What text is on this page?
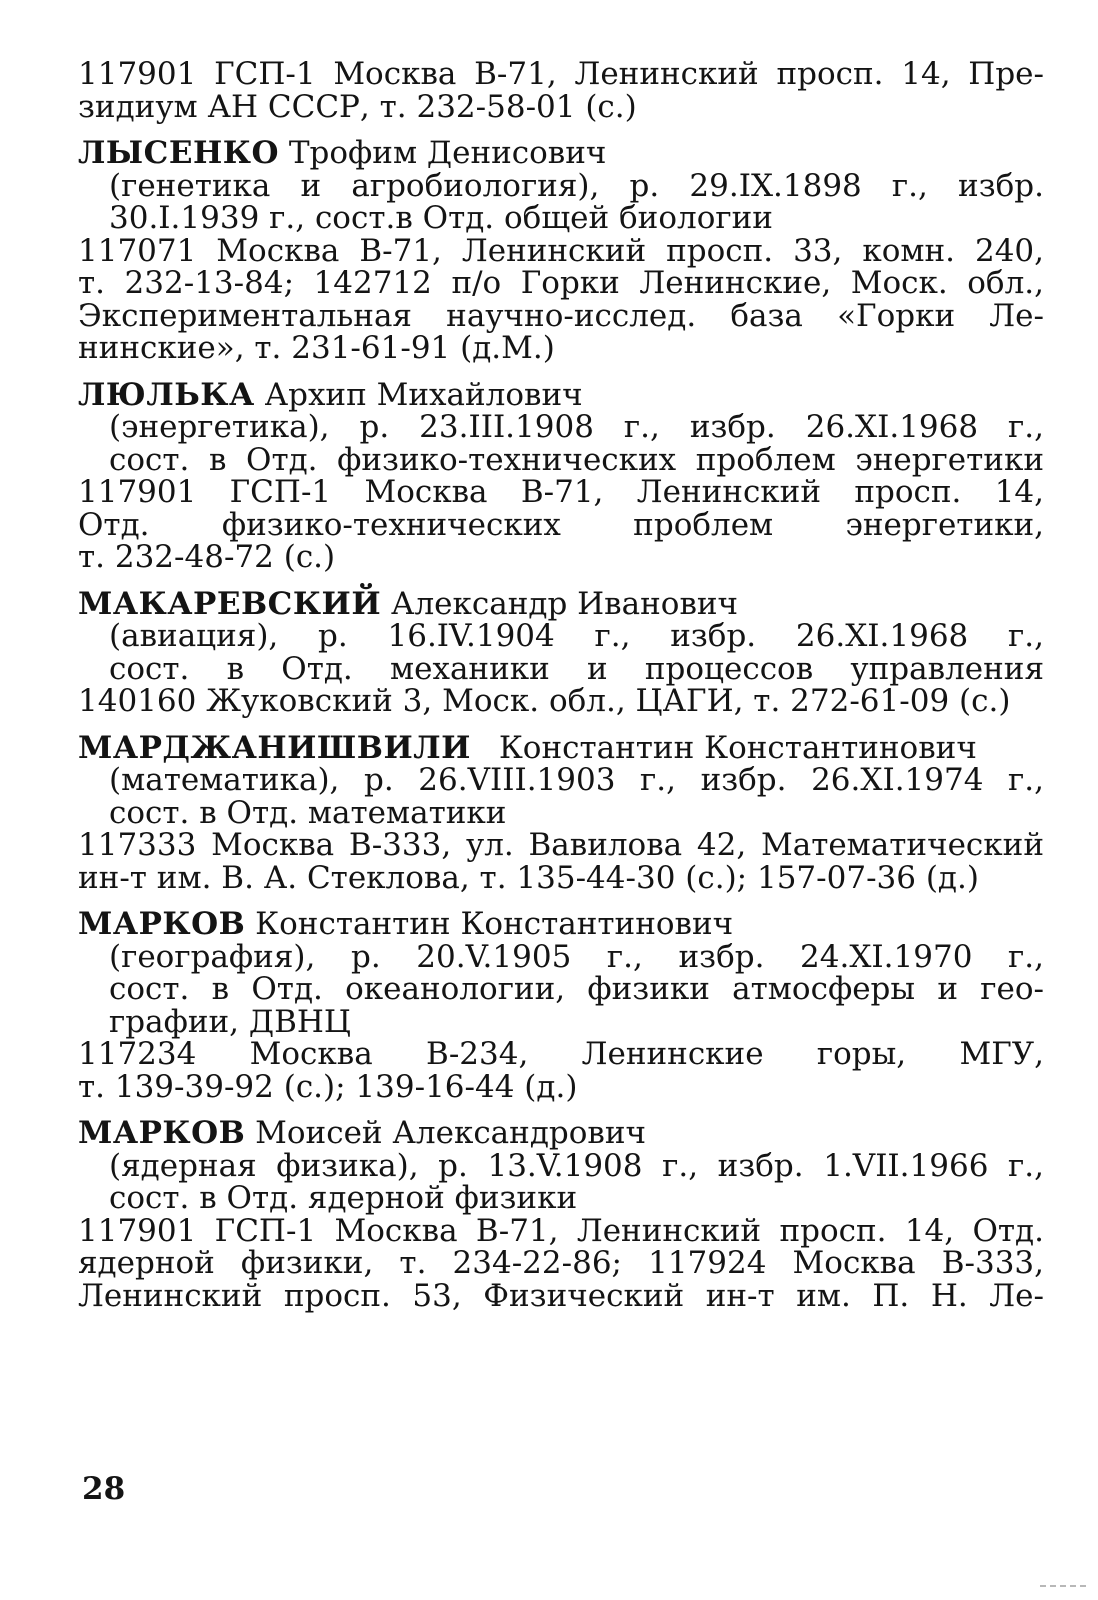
117901 ГСП-1 Москва В-71, Ленинский просп. 14, Пре-
зидиум АН СССР, т. 232-58-01 (с.)
ЛЫСЕНКО Трофим Денисович
(генетика и агробиология), р. 29.IX.1898 г., избр.
30.I.1939 г., сост.в Отд. общей биологии
117071 Москва В-71, Ленинский просп. 33, комн. 240,
т. 232-13-84; 142712 п/о Горки Ленинские, Моск. обл.,
Экспериментальная научно-исслед. база «Горки Ле-
нинские», т. 231-61-91 (д.М.)
ЛЮЛЬКА Архип Михайлович
(энергетика), р. 23.III.1908 г., избр. 26.XI.1968 г.,
сост. в Отд. физико-технических проблем энергетики
117901 ГСП-1 Москва В-71, Ленинский просп. 14,
Отд. физико-технических проблем энергетики,
т. 232-48-72 (с.)
МАКАРЕВСКИЙ Александр Иванович
(авиация), р. 16.IV.1904 г., избр. 26.XI.1968 г.,
сост. в Отд. механики и процессов управления
140160 Жуковский 3, Моск. обл., ЦАГИ, т. 272-61-09 (с.)
МАРДЖАНИШВИЛИ Константин Константинович
(математика), р. 26.VIII.1903 г., избр. 26.XI.1974 г.,
сост. в Отд. математики
117333 Москва В-333, ул. Вавилова 42, Математический
ин-т им. В. А. Стеклова, т. 135-44-30 (с.); 157-07-36 (д.)
МАРКОВ Константин Константинович
(география), р. 20.V.1905 г., избр. 24.XI.1970 г.,
сост. в Отд. океанологии, физики атмосферы и гео-
графии, ДВНЦ
117234 Москва В-234, Ленинские горы, МГУ,
т. 139-39-92 (с.); 139-16-44 (д.)
МАРКОВ Моисей Александрович
(ядерная физика), р. 13.V.1908 г., избр. 1.VII.1966 г.,
сост. в Отд. ядерной физики
117901 ГСП-1 Москва В-71, Ленинский просп. 14, Отд.
ядерной физики, т. 234-22-86; 117924 Москва В-333,
Ленинский просп. 53, Физический ин-т им. П. Н. Ле-
28
